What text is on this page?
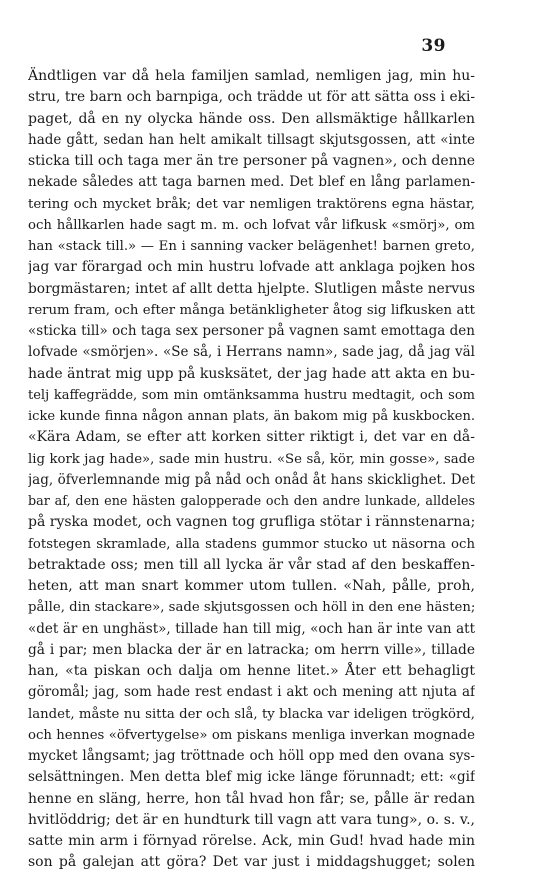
39
Ändtligen var då hela familjen samlad, nemligen jag, min hu-
stru, tre barn och barnpiga, och trädde ut för att sätta oss i eki-
paget, då en ny olycka hände oss. Den allsmäktige hållkarlen
hade gått, sedan han helt amikalt tillsagt skjutsgossen, att «inte
sticka till och taga mer än tre personer på vagnen», och denne
nekade således att taga barnen med. Det blef en lång parlamen-
tering och mycket bråk; det var nemligen traktörens egna hästar,
och hållkarlen hade sagt m. m. och lofvat vår lifkusk «smörj», om
han «stack till.» — En i sanning vacker belägenhet! barnen greto,
jag var förargad och min hustru lofvade att anklaga pojken hos
borgmästaren; intet af allt detta hjelpte. Slutligen måste nervus
rerum fram, och efter många betänkligheter åtog sig lifkusken att
«sticka till» och taga sex personer på vagnen samt emottaga den
lofvade «smörjen». «Se så, i Herrans namn», sade jag, då jag väl
hade äntrat mig upp på kusksätet, der jag hade att akta en bu-
telj kaffegrädde, som min omtänksamma hustru medtagit, och som
icke kunde finna någon annan plats, än bakom mig på kuskbocken.
«Kära Adam, se efter att korken sitter riktigt i, det var en då-
lig kork jag hade», sade min hustru. «Se så, kör, min gosse», sade
jag, öfverlemnande mig på nåd och onåd åt hans skicklighet. Det
bar af, den ene hästen galopperade och den andre lunkade, alldeles
på ryska modet, och vagnen tog grufliga stötar i rännstenarna;
fotstegen skramlade, alla stadens gummor stucko ut näsorna och
betraktade oss; men till all lycka är vår stad af den beskaffen-
heten, att man snart kommer utom tullen. «Nah, pålle, proh,
pålle, din stackare», sade skjutsgossen och höll in den ene hästen;
«det är en unghäst», tillade han till mig, «och han är inte van att
gå i par; men blacka der är en latracka; om herrn ville», tillade
han, «ta piskan och dalja om henne litet.» Åter ett behagligt
göromål; jag, som hade rest endast i akt och mening att njuta af
landet, måste nu sitta der och slå, ty blacka var ideligen trögkörd,
och hennes «öfvertygelse» om piskans menliga inverkan mognade
mycket långsamt; jag tröttnade och höll opp med den ovana sys-
selsättningen. Men detta blef mig icke länge förunnadt; ett: «gif
henne en släng, herre, hon tål hvad hon får; se, pålle är redan
hvitlöddrig; det är en hundturk till vagn att vara tung», o. s. v.,
satte min arm i förnyad rörelse. Ack, min Gud! hvad hade min
son på galejan att göra? Det var just i middagshugget; solen
